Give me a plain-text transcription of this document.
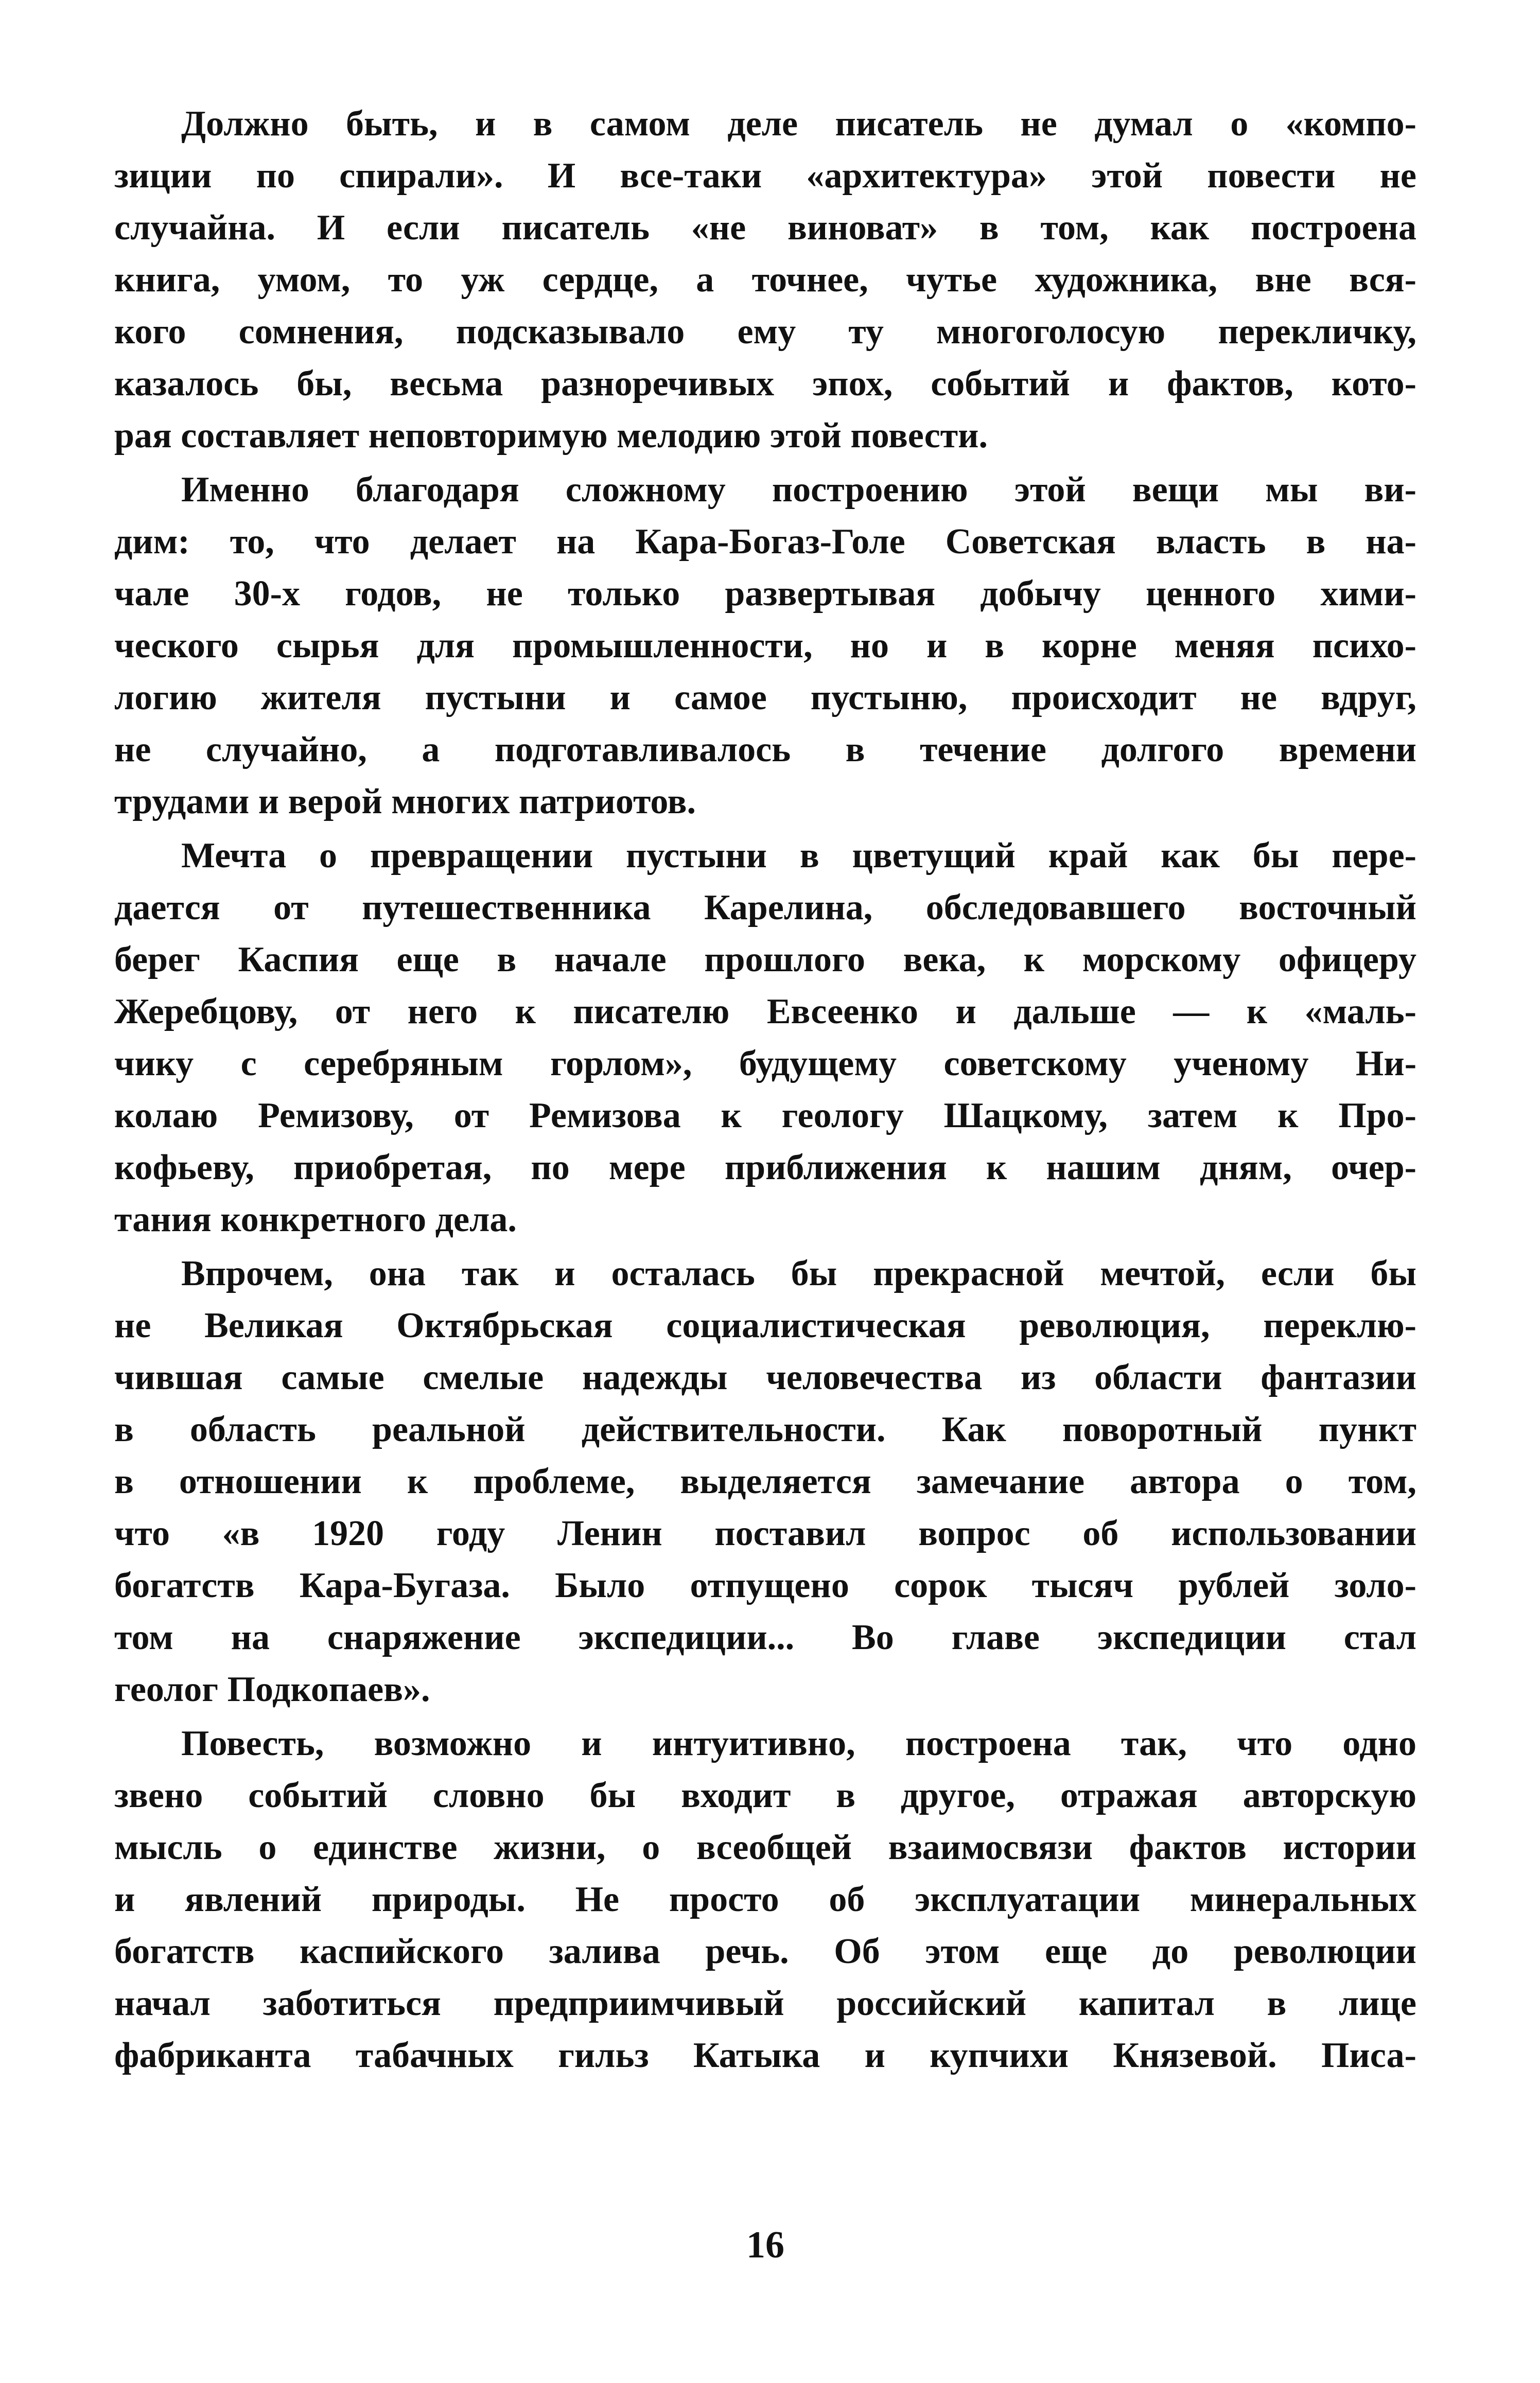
Должно быть, и в самом деле писатель не думал о «компо-
зиции по спирали». И все-таки «архитектура» этой повести не
случайна. И если писатель «не виноват» в том, как построена
книга, умом, то уж сердце, а точнее, чутье художника, вне вся-
кого сомнения, подсказывало ему ту многоголосую перекличку,
казалось бы, весьма разноречивых эпох, событий и фактов, кото-
рая составляет неповторимую мелодию этой повести.

Именно благодаря сложному построению этой вещи мы ви-
дим: то, что делает на Кара-Богаз-Голе Советская власть в на-
чале 30-х годов, не только развертывая добычу ценного хими-
ческого сырья для промышленности, но и в корне меняя психо-
логию жителя пустыни и самое пустыню, происходит не вдруг,
не случайно, а подготавливалось в течение долгого времени
трудами и верой многих патриотов.

Мечта о превращении пустыни в цветущий край как бы пере-
дается от путешественника Карелина, обследовавшего восточный
берег Каспия еще в начале прошлого века, к морскому офицеру
Жеребцову, от него к писателю Евсеенко и дальше — к «маль-
чику с серебряным горлом», будущему советскому ученому Ни-
колаю Ремизову, от Ремизова к геологу Шацкому, затем к Про-
кофьеву, приобретая, по мере приближения к нашим дням, очер-
тания конкретного дела.

Впрочем, она так и осталась бы прекрасной мечтой, если бы
не Великая Октябрьская социалистическая революция, переклю-
чившая самые смелые надежды человечества из области фантазии
в область реальной действительности. Как поворотный пункт
в отношении к проблеме, выделяется замечание автора о том,
что «в 1920 году Ленин поставил вопрос об использовании
богатств Кара-Бугаза. Было отпущено сорок тысяч рублей золо-
том на снаряжение экспедиции... Во главе экспедиции стал
геолог Подкопаев».

Повесть, возможно и интуитивно, построена так, что одно
звено событий словно бы входит в другое, отражая авторскую
мысль о единстве жизни, о всеобщей взаимосвязи фактов истории
и явлений природы. Не просто об эксплуатации минеральных
богатств каспийского залива речь. Об этом еще до революции
начал заботиться предприимчивый российский капитал в лице
фабриканта табачных гильз Катыка и купчихи Князевой. Писа-

16
